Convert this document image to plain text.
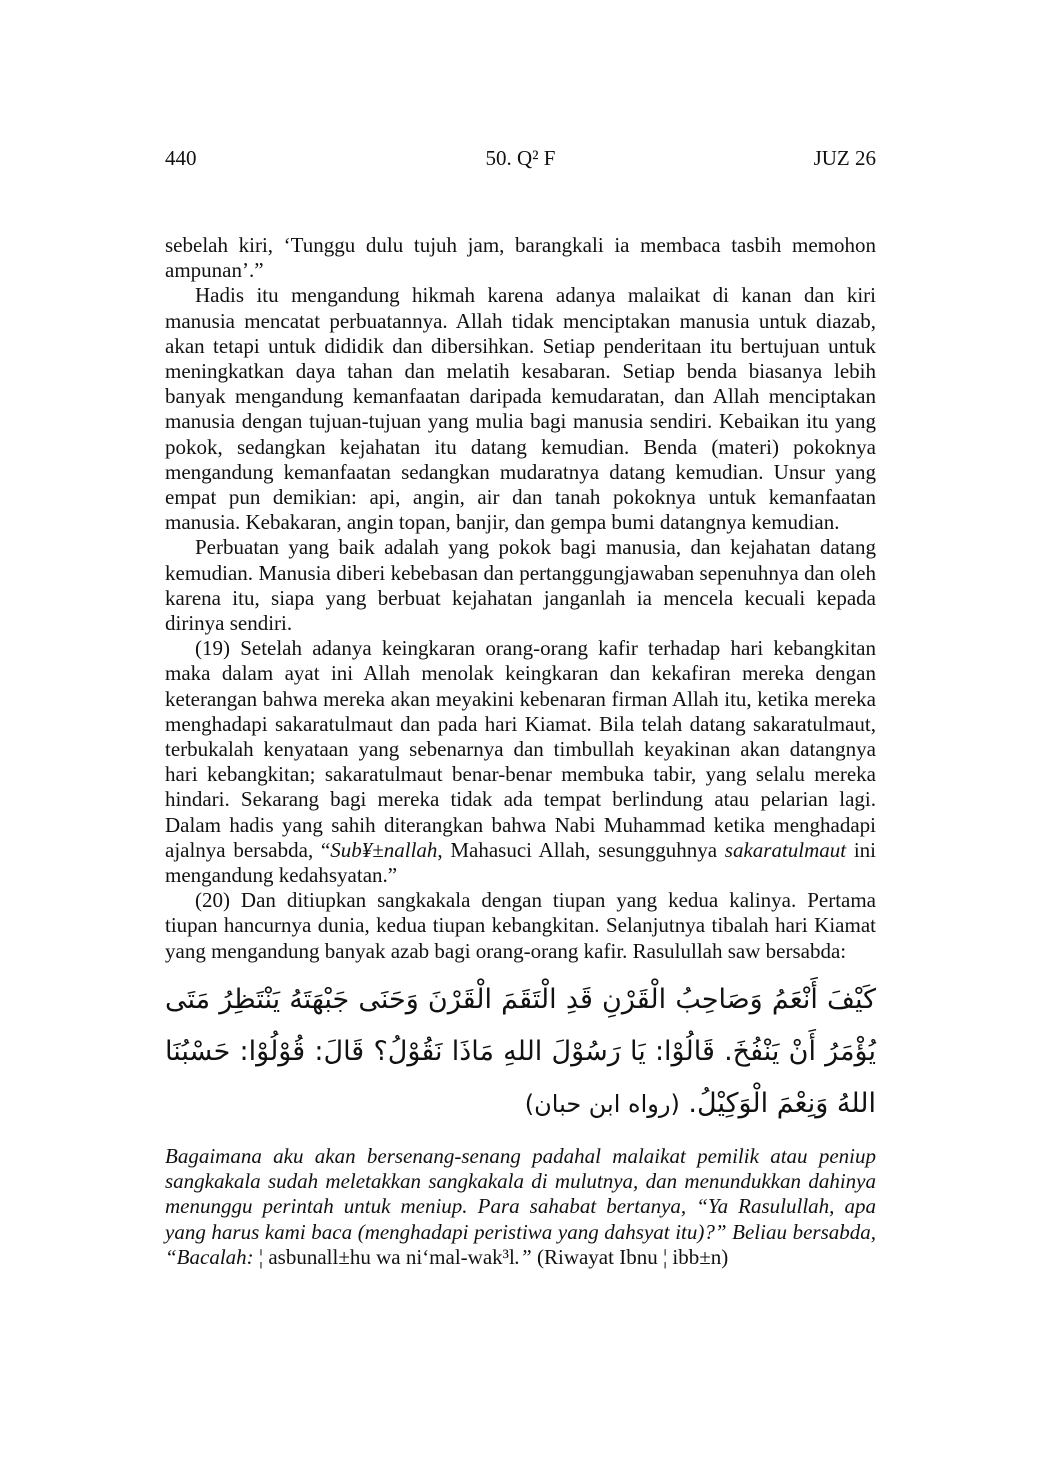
440	50. Q² F	JUZ 26

sebelah kiri, ‘Tunggu dulu tujuh jam, barangkali ia membaca tasbih memohon ampunan’.”

Hadis itu mengandung hikmah karena adanya malaikat di kanan dan kiri manusia mencatat perbuatannya. Allah tidak menciptakan manusia untuk diazab, akan tetapi untuk dididik dan dibersihkan. Setiap penderitaan itu bertujuan untuk meningkatkan daya tahan dan melatih kesabaran. Setiap benda biasanya lebih banyak mengandung kemanfaatan daripada kemudaratan, dan Allah menciptakan manusia dengan tujuan-tujuan yang mulia bagi manusia sendiri. Kebaikan itu yang pokok, sedangkan kejahatan itu datang kemudian. Benda (materi) pokoknya mengandung kemanfaatan sedangkan mudaratnya datang kemudian. Unsur yang empat pun demikian: api, angin, air dan tanah pokoknya untuk kemanfaatan manusia. Kebakaran, angin topan, banjir, dan gempa bumi datangnya kemudian.

Perbuatan yang baik adalah yang pokok bagi manusia, dan kejahatan datang kemudian. Manusia diberi kebebasan dan pertanggungjawaban sepenuhnya dan oleh karena itu, siapa yang berbuat kejahatan janganlah ia mencela kecuali kepada dirinya sendiri.

(19) Setelah adanya keingkaran orang-orang kafir terhadap hari kebangkitan maka dalam ayat ini Allah menolak keingkaran dan kekafiran mereka dengan keterangan bahwa mereka akan meyakini kebenaran firman Allah itu, ketika mereka menghadapi sakaratulmaut dan pada hari Kiamat. Bila telah datang sakaratulmaut, terbukalah kenyataan yang sebenarnya dan timbullah keyakinan akan datangnya hari kebangkitan; sakaratulmaut benar-benar membuka tabir, yang selalu mereka hindari. Sekarang bagi mereka tidak ada tempat berlindung atau pelarian lagi. Dalam hadis yang sahih diterangkan bahwa Nabi Muhammad ketika menghadapi ajalnya bersabda, “Sub¥±nallah, Mahasuci Allah, sesungguhnya sakaratulmaut ini mengandung kedahsyatan.”

(20) Dan ditiupkan sangkakala dengan tiupan yang kedua kalinya. Pertama tiupan hancurnya dunia, kedua tiupan kebangkitan. Selanjutnya tibalah hari Kiamat yang mengandung banyak azab bagi orang-orang kafir. Rasulullah saw bersabda:

كَيْفَ أَنْعَمُ وَصَاحِبُ الْقَرْنِ قَدِ الْتَقَمَ الْقَرْنَ وَحَنَى جَبْهَتَهُ يَنْتَظِرُ مَتَى يُؤْمَرُ أَنْ يَنْفُخَ. قَالُوْا: يَا رَسُوْلَ اللهِ مَاذَا نَقُوْلُ؟ قَالَ: قُوْلُوْا: حَسْبُنَا اللهُ وَنِعْمَ الْوَكِيْلُ. (رواه ابن حبان)

Bagaimana aku akan bersenang-senang padahal malaikat pemilik atau peniup sangkakala sudah meletakkan sangkakala di mulutnya, dan menundukkan dahinya menunggu perintah untuk meniup. Para sahabat bertanya, “Ya Rasulullah, apa yang harus kami baca (menghadapi peristiwa yang dahsyat itu)?” Beliau bersabda, “Bacalah: ¦ asbunall±hu wa ni‘mal-wak³l.” (Riwayat Ibnu ¦ ibb±n)
